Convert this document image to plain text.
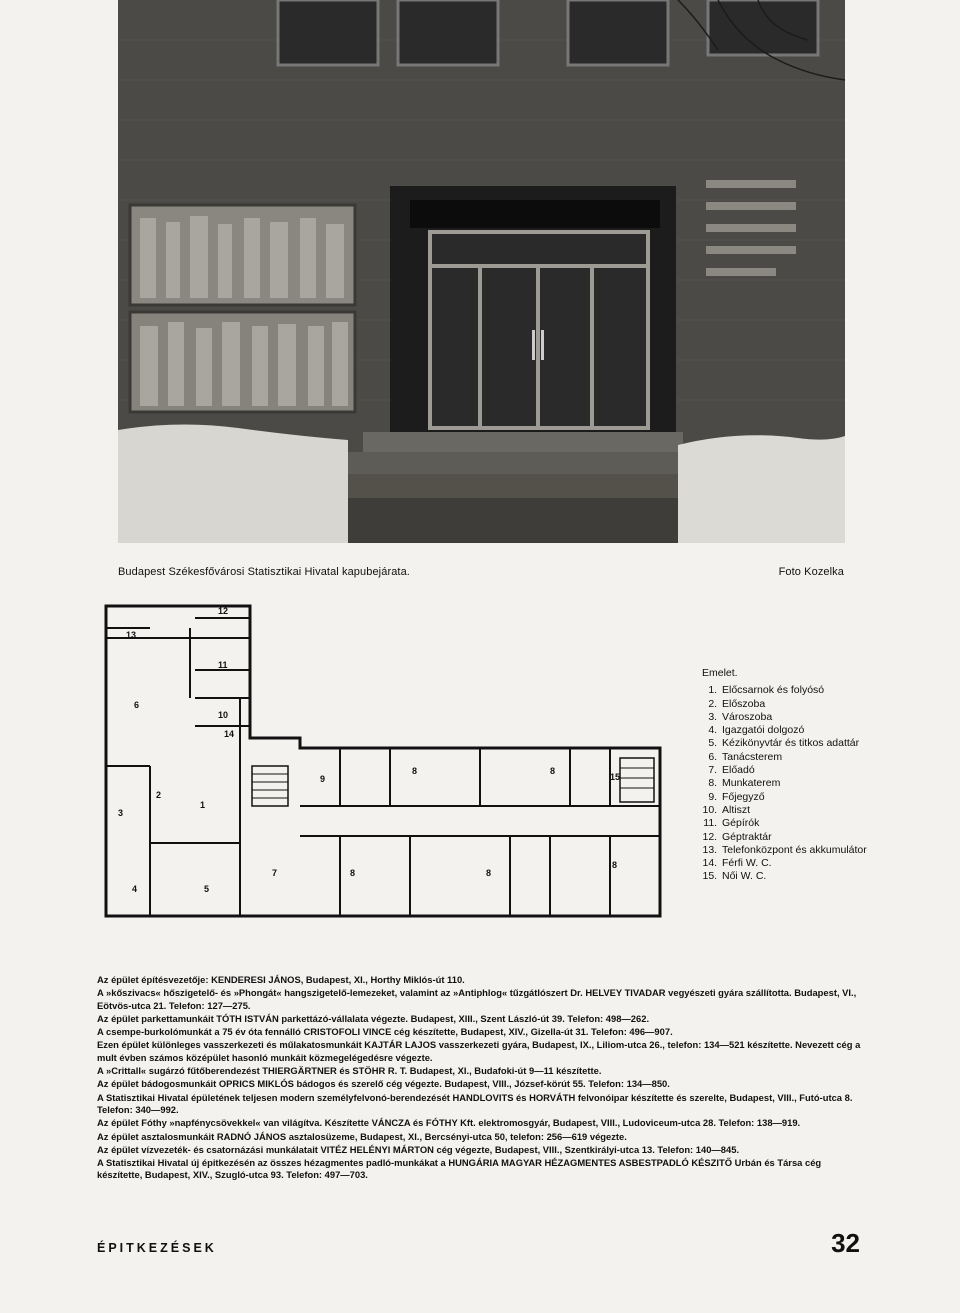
Budapest Székesfővárosi Statisztikai Hivatal kapubejárata.	Foto Kozelka
12
13
11
10
14
6
2
1
3
4	5
7	8	8
9
8	8
8
15
Emelet.
1. Előcsarnok és folyósó
2. Előszoba
3. Városzoba
4. Igazgatói dolgozó
5. Kézikönyvtár és titkos adattár
6. Tanácsterem
7. Előadó
8. Munkaterem
9. Főjegyző
10. Altiszt
11. Gépírók
12. Géptraktár
13. Telefonközpont és akkumulátor
14. Férfi W. C.
15. Női W. C.

Az épület építésvezetője: KENDERESI JÁNOS, Budapest, XI., Horthy Miklós-út 110.

A »kőszivacs« hőszigetelő- és »Phongát« hangszigetelő-lemezeket, valamint az »Antiphlog« tűzgátlószert Dr. HELVEY TIVADAR vegyészeti gyára szállította. Budapest, VI., Eötvös-utca 21. Telefon: 127—275.

Az épület parkettamunkáit TÓTH ISTVÁN parkettázó-vállalata végezte. Budapest, XIII., Szent László-út 39. Telefon: 498—262.

A csempe-burkolómunkát a 75 év óta fennálló CRISTOFOLI VINCE cég készítette, Budapest, XIV., Gizella-út 31. Telefon: 496—907.

Ezen épület különleges vasszerkezeti és műlakatosmunkáit KAJTÁR LAJOS vasszerkezeti gyára, Budapest, IX., Liliom-utca 26., telefon: 134—521 készítette. Nevezett cég a mult évben számos középület hasonló munkáit közmegelégedésre végezte.

A »Crittall« sugárzó fűtőberendezést THIERGÄRTNER és STÖHR R. T. Budapest, XI., Budafoki-út 9—11 készítette.

Az épület bádogosmunkáit OPRICS MIKLÓS bádogos és szerelő cég végezte. Budapest, VIII., József-körút 55. Telefon: 134—850.

A Statisztikai Hivatal épületének teljesen modern személyfelvonó-berendezését HANDLOVITS és HORVÁTH felvonóipar készítette és szerelte, Budapest, VIII., Futó-utca 8. Telefon: 340—992.

Az épület Fóthy »napfénycsövekkel« van világítva. Készítette VÁNCZA és FÓTHY Kft. elektromosgyár, Budapest, VIII., Ludoviceum-utca 28. Telefon: 138—919.

Az épület asztalosmunkáit RADNÓ JÁNOS asztalosüzeme, Budapest, XI., Bercsényi-utca 50, telefon: 256—619 végezte.

Az épület vízvezeték- és csatornázási munkálatait VITÉZ HELÉNYI MÁRTON cég végezte, Budapest, VIII., Szentkirályi-utca 13. Telefon: 140—845.

A Statisztikai Hivatal új épitkezésén az összes hézagmentes padló-munkákat a HUNGÁRIA MAGYAR HÉZAGMENTES ASBESTPADLÓ KÉSZITŐ Urbán és Társa cég készítette, Budapest, XIV., Szugló-utca 93. Telefon: 497—703.

ÉPITKEZÉSEK	32
